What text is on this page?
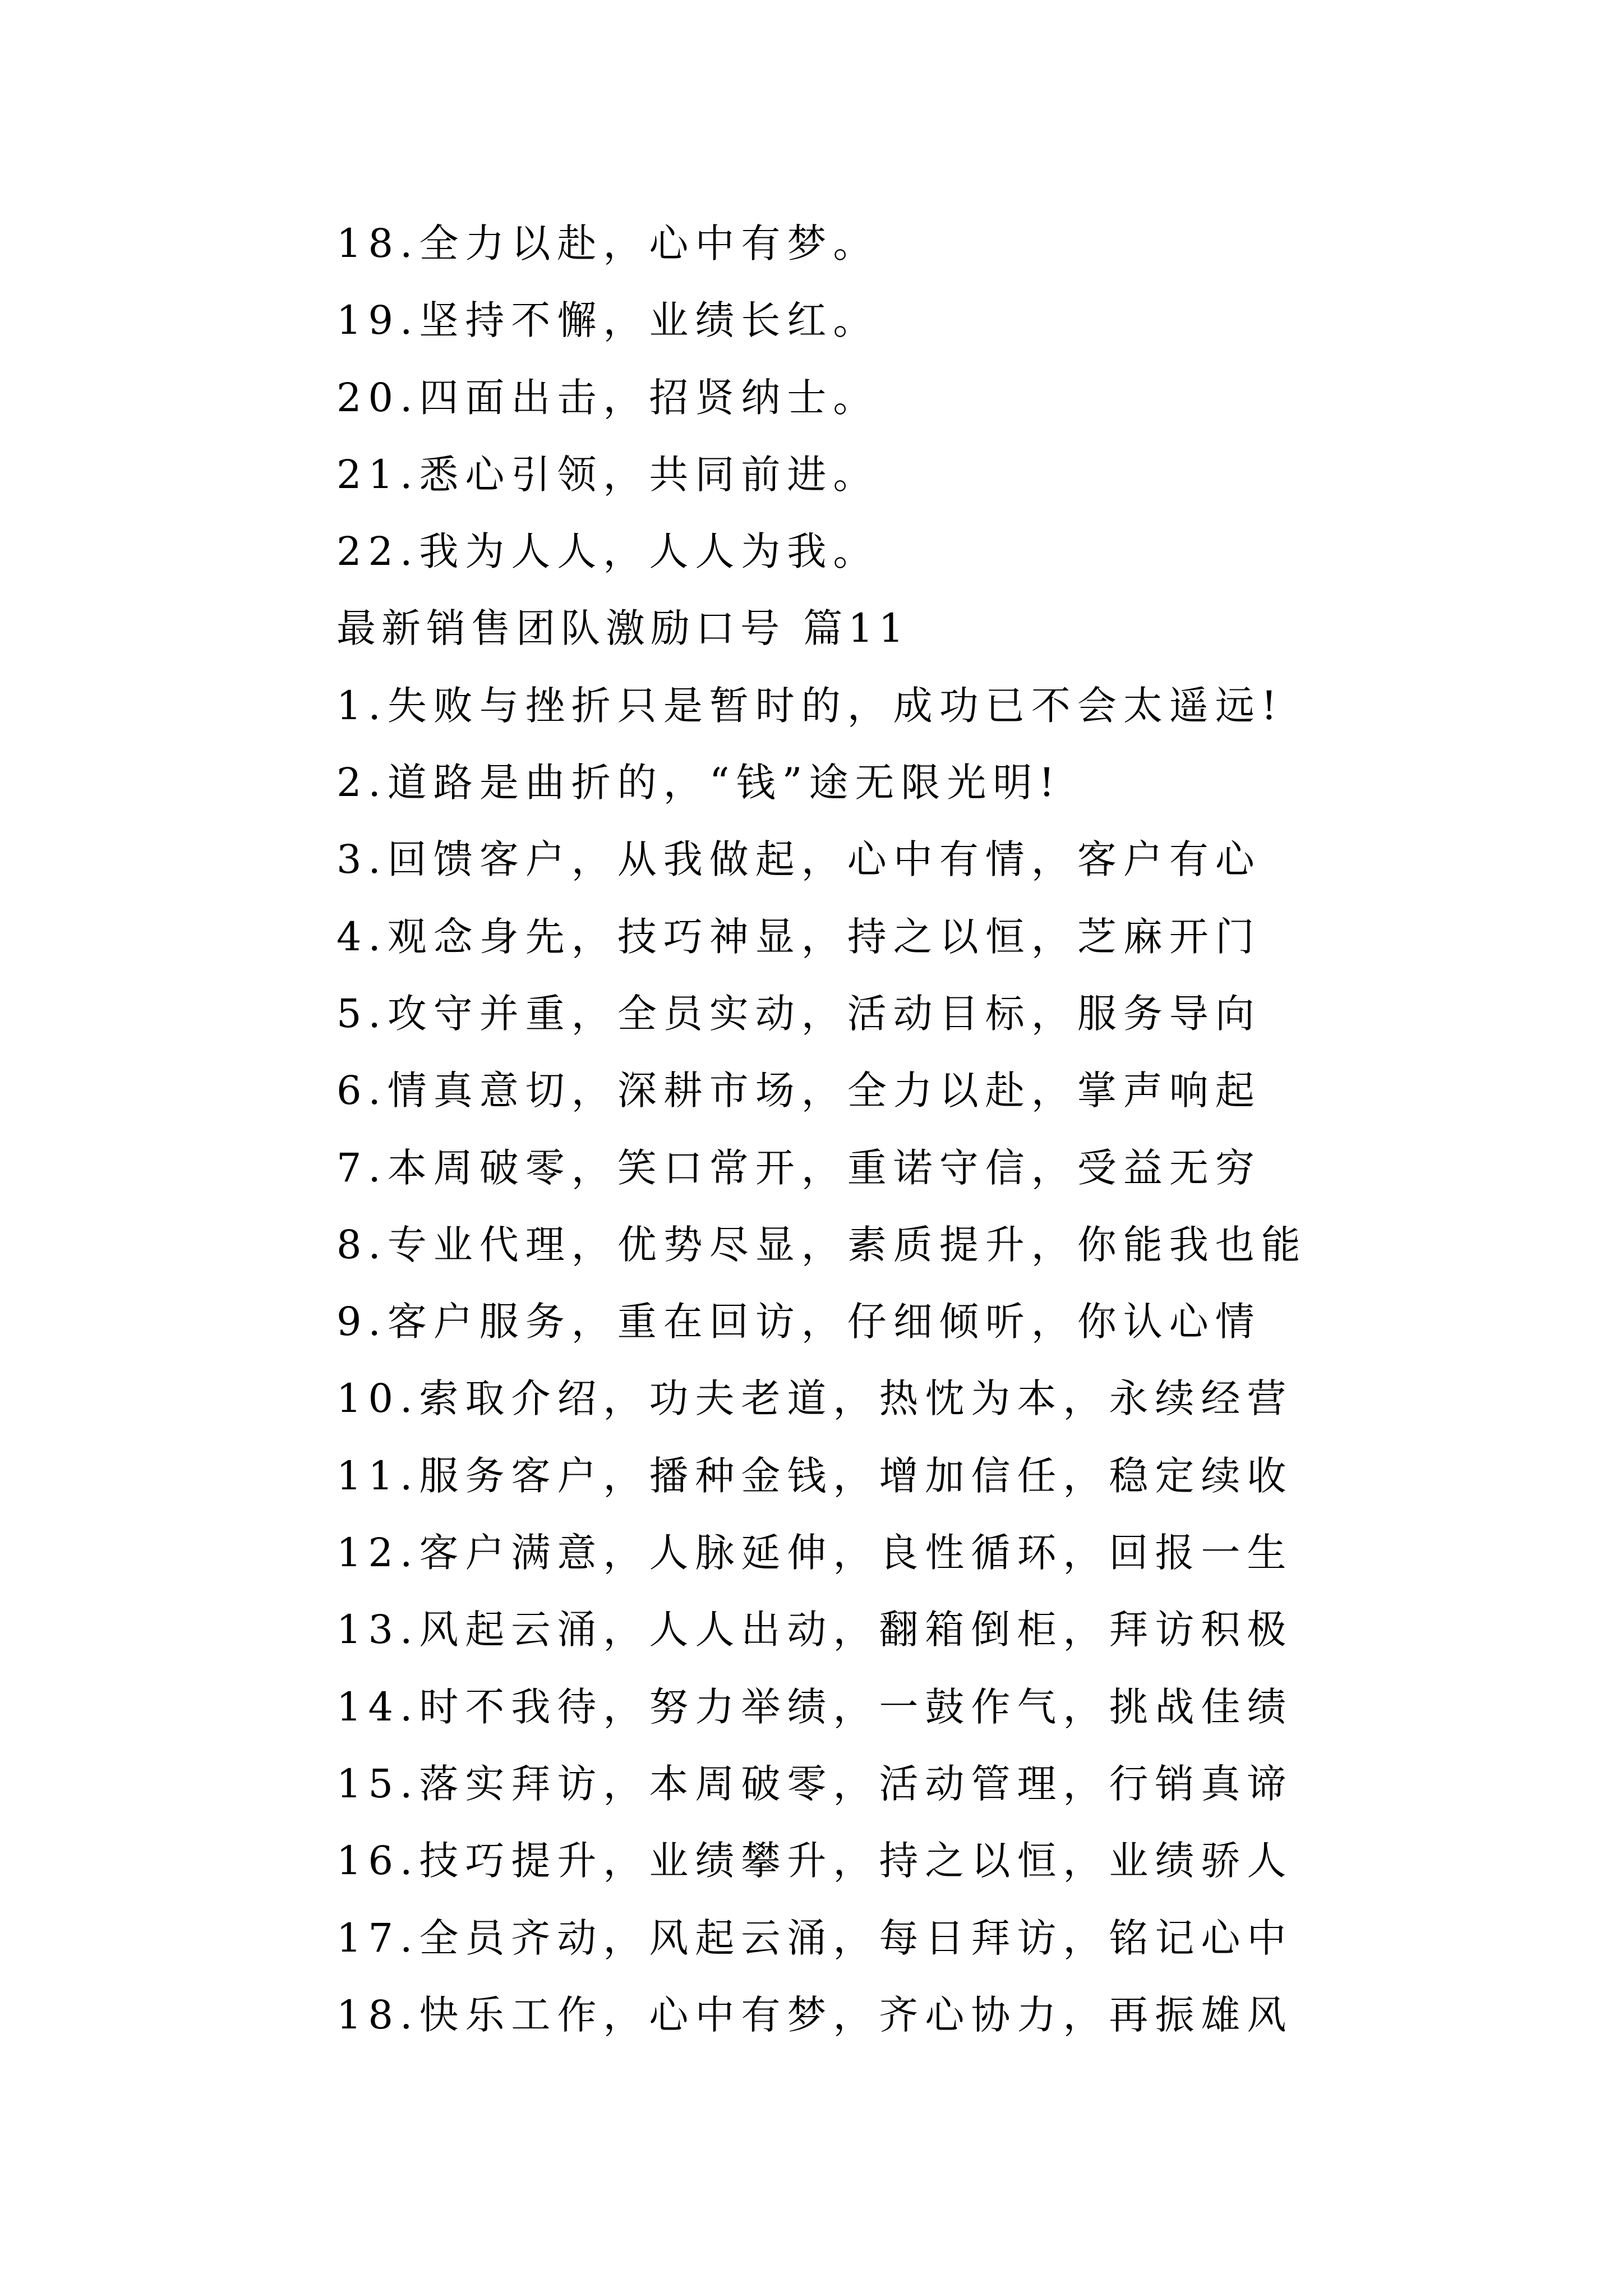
18.全力以赴，心中有梦。
19.坚持不懈，业绩长红。
20.四面出击，招贤纳士。
21.悉心引领，共同前进。
22.我为人人，人人为我。
最新销售团队激励口号 篇11
1.失败与挫折只是暂时的，成功已不会太遥远!
2.道路是曲折的，“钱”途无限光明!
3.回馈客户，从我做起，心中有情，客户有心
4.观念身先，技巧神显，持之以恒，芝麻开门
5.攻守并重，全员实动，活动目标，服务导向
6.情真意切，深耕市场，全力以赴，掌声响起
7.本周破零，笑口常开，重诺守信，受益无穷
8.专业代理，优势尽显，素质提升，你能我也能
9.客户服务，重在回访，仔细倾听，你认心情
10.索取介绍，功夫老道，热忱为本，永续经营
11.服务客户，播种金钱，增加信任，稳定续收
12.客户满意，人脉延伸，良性循环，回报一生
13.风起云涌，人人出动，翻箱倒柜，拜访积极
14.时不我待，努力举绩，一鼓作气，挑战佳绩
15.落实拜访，本周破零，活动管理，行销真谛
16.技巧提升，业绩攀升，持之以恒，业绩骄人
17.全员齐动，风起云涌，每日拜访，铭记心中
18.快乐工作，心中有梦，齐心协力，再振雄风
